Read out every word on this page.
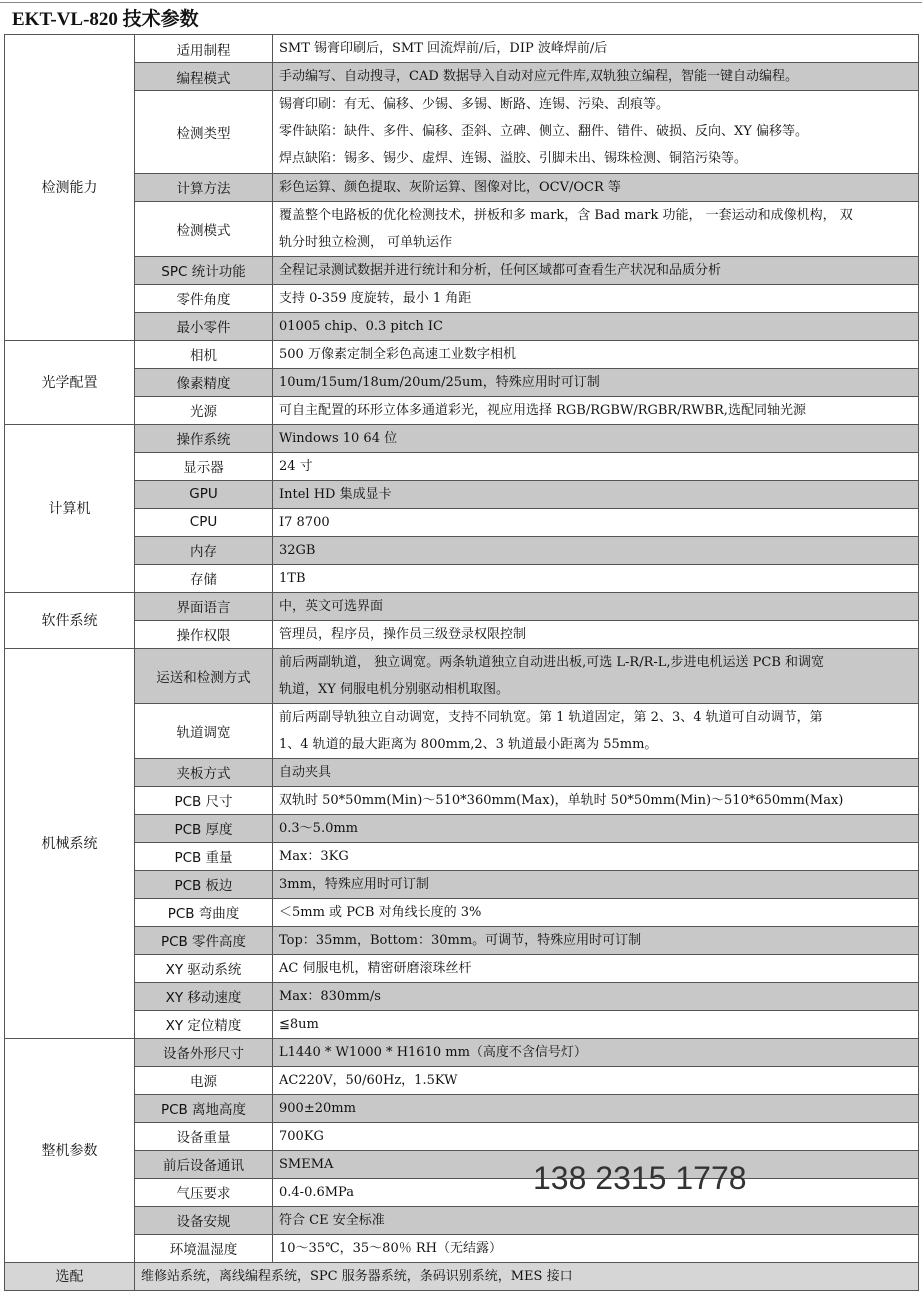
EKT-VL-820 技术参数
检测能力	适用制程	SMT 锡膏印刷后，SMT 回流焊前/后，DIP 波峰焊前/后

	编程模式	手动编写、自动搜寻，CAD 数据导入自动对应元件库,双轨独立编程，智能一键自动编程。

	检测类型	锡膏印刷：有无、偏移、少锡、多锡、断路、连锡、污染、刮痕等。
零件缺陷：缺件、多件、偏移、歪斜、立碑、侧立、翻件、错件、破损、反向、XY 偏移等。
焊点缺陷：锡多、锡少、虚焊、连锡、溢胶、引脚未出、锡珠检测、铜箔污染等。

	计算方法	彩色运算、颜色提取、灰阶运算、图像对比，OCV/OCR 等

	检测模式	覆盖整个电路板的优化检测技术，拼板和多 mark，含 Bad mark 功能， 一套运动和成像机构， 双
轨分时独立检测， 可单轨运作

	SPC 统计功能	全程记录测试数据并进行统计和分析，任何区域都可查看生产状况和品质分析

	零件角度	支持 0-359 度旋转，最小 1 角距

	最小零件	01005 chip、0.3 pitch IC

光学配置	相机	500 万像素定制全彩色高速工业数字相机

	像素精度	10um/15um/18um/20um/25um，特殊应用时可订制

	光源	可自主配置的环形立体多通道彩光，视应用选择 RGB/RGBW/RGBR/RWBR,选配同轴光源

计算机	操作系统	Windows 10 64 位

	显示器	24 寸

	GPU	Intel HD 集成显卡

	CPU	I7 8700

	内存	32GB

	存储	1TB

软件系统	界面语言	中，英文可选界面

	操作权限	管理员，程序员，操作员三级登录权限控制

机械系统	运送和检测方式	前后两副轨道， 独立调宽。两条轨道独立自动进出板,可选 L-R/R-L,步进电机运送 PCB 和调宽
轨道，XY 伺服电机分别驱动相机取图。

	轨道调宽	前后两副导轨独立自动调宽，支持不同轨宽。第 1 轨道固定，第 2、3、4 轨道可自动调节，第
1、4 轨道的最大距离为 800mm,2、3 轨道最小距离为 55mm。

	夹板方式	自动夹具

	PCB 尺寸	双轨时 50*50mm(Min)～510*360mm(Max)，单轨时 50*50mm(Min)～510*650mm(Max)

	PCB 厚度	0.3～5.0mm

	PCB 重量	Max：3KG

	PCB 板边	3mm，特殊应用时可订制

	PCB 弯曲度	＜5mm 或 PCB 对角线长度的 3%

	PCB 零件高度	Top：35mm，Bottom：30mm。可调节，特殊应用时可订制

	XY 驱动系统	AC 伺服电机，精密研磨滚珠丝杆

	XY 移动速度	Max：830mm/s

	XY 定位精度	≦8um

整机参数	设备外形尺寸	L1440 * W1000 * H1610 mm（高度不含信号灯）

	电源	AC220V，50/60Hz，1.5KW

	PCB 离地高度	900±20mm

	设备重量	700KG

	前后设备通讯	SMEMA

	气压要求	0.4-0.6MPa

	设备安规	符合 CE 安全标准

	环境温湿度	10～35℃，35～80％ RH（无结露）

选配	维修站系统，离线编程系统，SPC 服务器系统，条码识别系统，MES 接口	
138 2315 1778
